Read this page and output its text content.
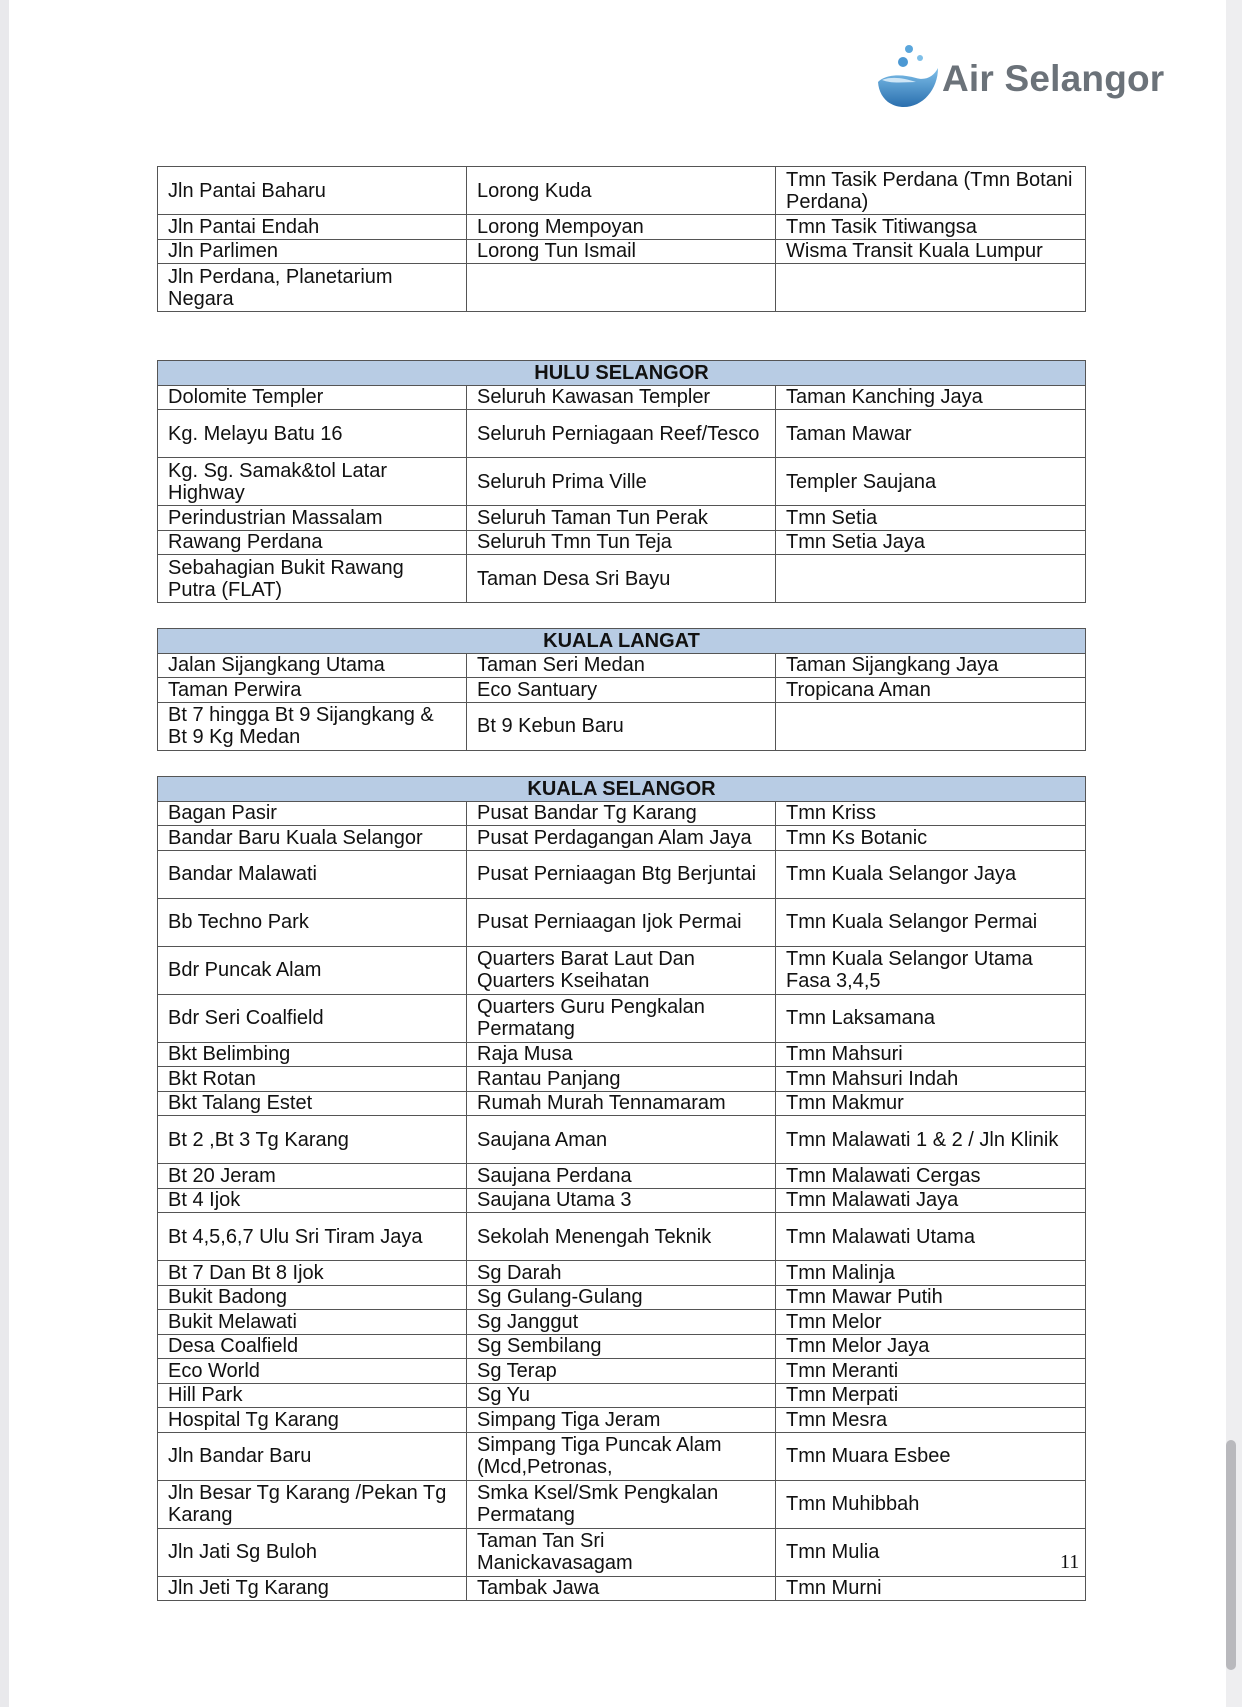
Air Selangor
Jln Pantai Baharu	Lorong Kuda	Tmn Tasik Perdana (Tmn Botani Perdana)
Jln Pantai Endah	Lorong Mempoyan	Tmn Tasik Titiwangsa
Jln Parlimen	Lorong Tun Ismail	Wisma Transit Kuala Lumpur
Jln Perdana, Planetarium Negara		
HULU SELANGOR		
Dolomite Templer	Seluruh Kawasan Templer	Taman Kanching Jaya
Kg. Melayu Batu 16	Seluruh Perniagaan Reef/Tesco	Taman Mawar
Kg. Sg. Samak&tol Latar Highway	Seluruh Prima Ville	Templer Saujana
Perindustrian Massalam	Seluruh Taman Tun Perak	Tmn Setia
Rawang Perdana	Seluruh Tmn Tun Teja	Tmn Setia Jaya
Sebahagian Bukit Rawang Putra (FLAT)	Taman Desa Sri Bayu	
KUALA LANGAT		
Jalan Sijangkang Utama	Taman Seri Medan	Taman Sijangkang Jaya
Taman Perwira	Eco Santuary	Tropicana Aman
Bt 7 hingga Bt 9 Sijangkang & Bt 9 Kg Medan	Bt 9 Kebun Baru	
KUALA SELANGOR		
Bagan Pasir	Pusat Bandar Tg Karang	Tmn Kriss
Bandar Baru Kuala Selangor	Pusat Perdagangan Alam Jaya	Tmn Ks Botanic
Bandar Malawati	Pusat Perniaagan Btg Berjuntai	Tmn Kuala Selangor Jaya
Bb Techno Park	Pusat Perniaagan Ijok Permai	Tmn Kuala Selangor Permai
Bdr Puncak Alam	Quarters Barat Laut Dan Quarters Kseihatan	Tmn Kuala Selangor Utama Fasa 3,4,5
Bdr Seri Coalfield	Quarters Guru Pengkalan Permatang	Tmn Laksamana
Bkt Belimbing	Raja Musa	Tmn Mahsuri
Bkt Rotan	Rantau Panjang	Tmn Mahsuri Indah
Bkt Talang Estet	Rumah Murah Tennamaram	Tmn Makmur
Bt 2 ,Bt 3 Tg Karang	Saujana Aman	Tmn Malawati 1 & 2 / Jln Klinik
Bt 20 Jeram	Saujana Perdana	Tmn Malawati Cergas
Bt 4 Ijok	Saujana Utama 3	Tmn Malawati Jaya
Bt 4,5,6,7 Ulu Sri Tiram Jaya	Sekolah Menengah Teknik	Tmn Malawati Utama
Bt 7 Dan Bt 8 Ijok	Sg Darah	Tmn Malinja
Bukit Badong	Sg Gulang-Gulang	Tmn Mawar Putih
Bukit Melawati	Sg Janggut	Tmn Melor
Desa Coalfield	Sg Sembilang	Tmn Melor Jaya
Eco World	Sg Terap	Tmn Meranti
Hill Park	Sg Yu	Tmn Merpati
Hospital Tg Karang	Simpang Tiga Jeram	Tmn Mesra
Jln Bandar Baru	Simpang Tiga Puncak Alam (Mcd,Petronas,	Tmn Muara Esbee
Jln Besar Tg Karang /Pekan Tg Karang	Smka Ksel/Smk Pengkalan Permatang	Tmn Muhibbah
Jln Jati Sg Buloh	Taman Tan Sri Manickavasagam	Tmn Mulia
Jln Jeti Tg Karang	Tambak Jawa	Tmn Murni
11
